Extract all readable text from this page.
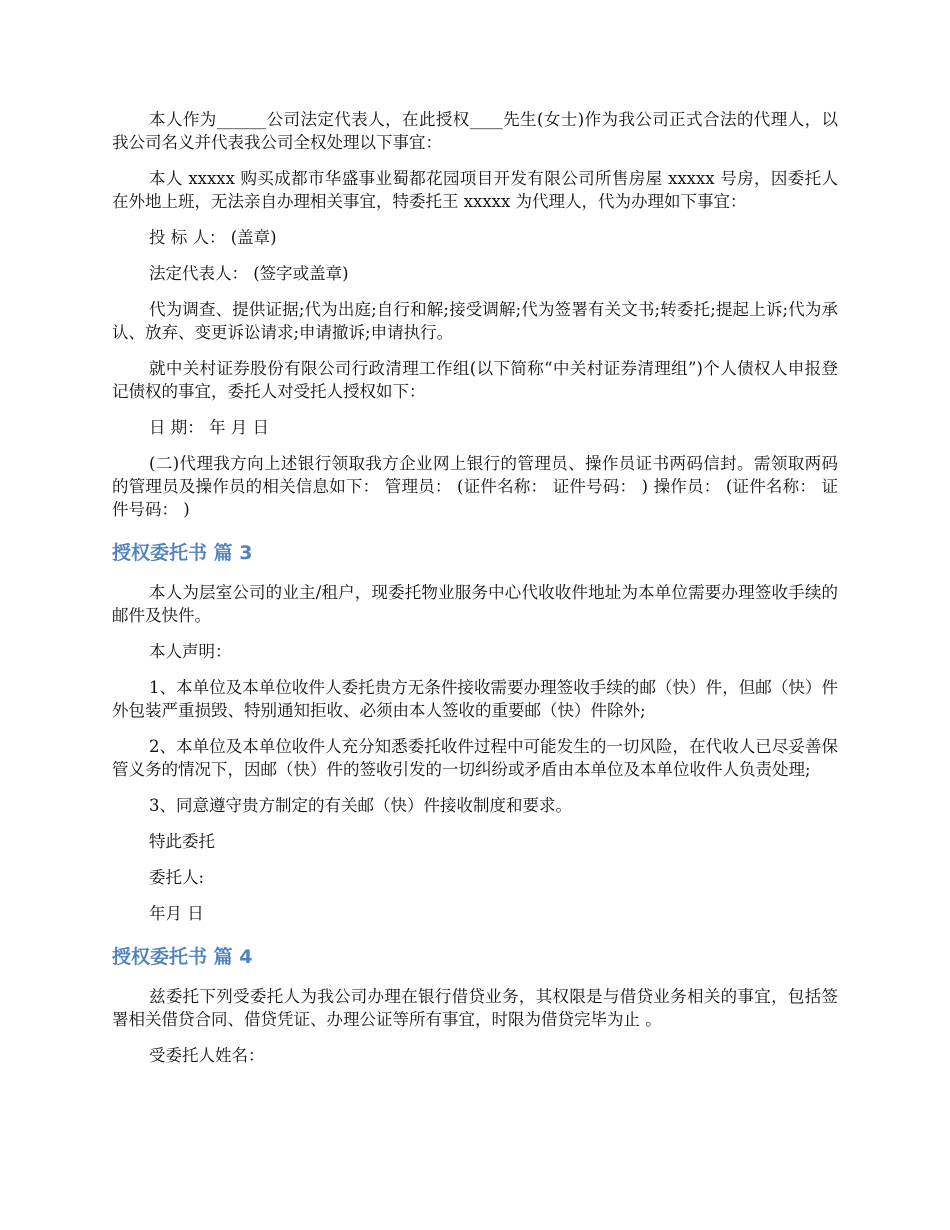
本人作为______公司法定代表人，在此授权____先生(女士)作为我公司正式合法的代理人，以我公司名义并代表我公司全权处理以下事宜：

本人 xxxxx 购买成都市华盛事业蜀都花园项目开发有限公司所售房屋 xxxxx 号房，因委托人在外地上班，无法亲自办理相关事宜，特委托王 xxxxx 为代理人，代为办理如下事宜：

投 标 人： (盖章)

法定代表人： (签字或盖章)

代为调查、提供证据;代为出庭;自行和解;接受调解;代为签署有关文书;转委托;提起上诉;代为承认、放弃、变更诉讼请求;申请撤诉;申请执行。

就中关村证券股份有限公司行政清理工作组(以下简称“中关村证券清理组”)个人债权人申报登记债权的事宜，委托人对受托人授权如下：

日 期： 年 月 日

(二)代理我方向上述银行领取我方企业网上银行的管理员、操作员证书两码信封。需领取两码的管理员及操作员的相关信息如下： 管理员： (证件名称： 证件号码： ) 操作员： (证件名称： 证件号码： )

授权委托书 篇 3

本人为层室公司的业主/租户，现委托物业服务中心代收收件地址为本单位需要办理签收手续的邮件及快件。

本人声明：

1、本单位及本单位收件人委托贵方无条件接收需要办理签收手续的邮（快）件，但邮（快）件外包装严重损毁、特别通知拒收、必须由本人签收的重要邮（快）件除外;

2、本单位及本单位收件人充分知悉委托收件过程中可能发生的一切风险，在代收人已尽妥善保管义务的情况下，因邮（快）件的签收引发的一切纠纷或矛盾由本单位及本单位收件人负责处理;

3、同意遵守贵方制定的有关邮（快）件接收制度和要求。

特此委托

委托人:

年月 日

授权委托书 篇 4

兹委托下列受委托人为我公司办理在银行借贷业务，其权限是与借贷业务相关的事宜，包括签署相关借贷合同、借贷凭证、办理公证等所有事宜，时限为借贷完毕为止 。

受委托人姓名：
